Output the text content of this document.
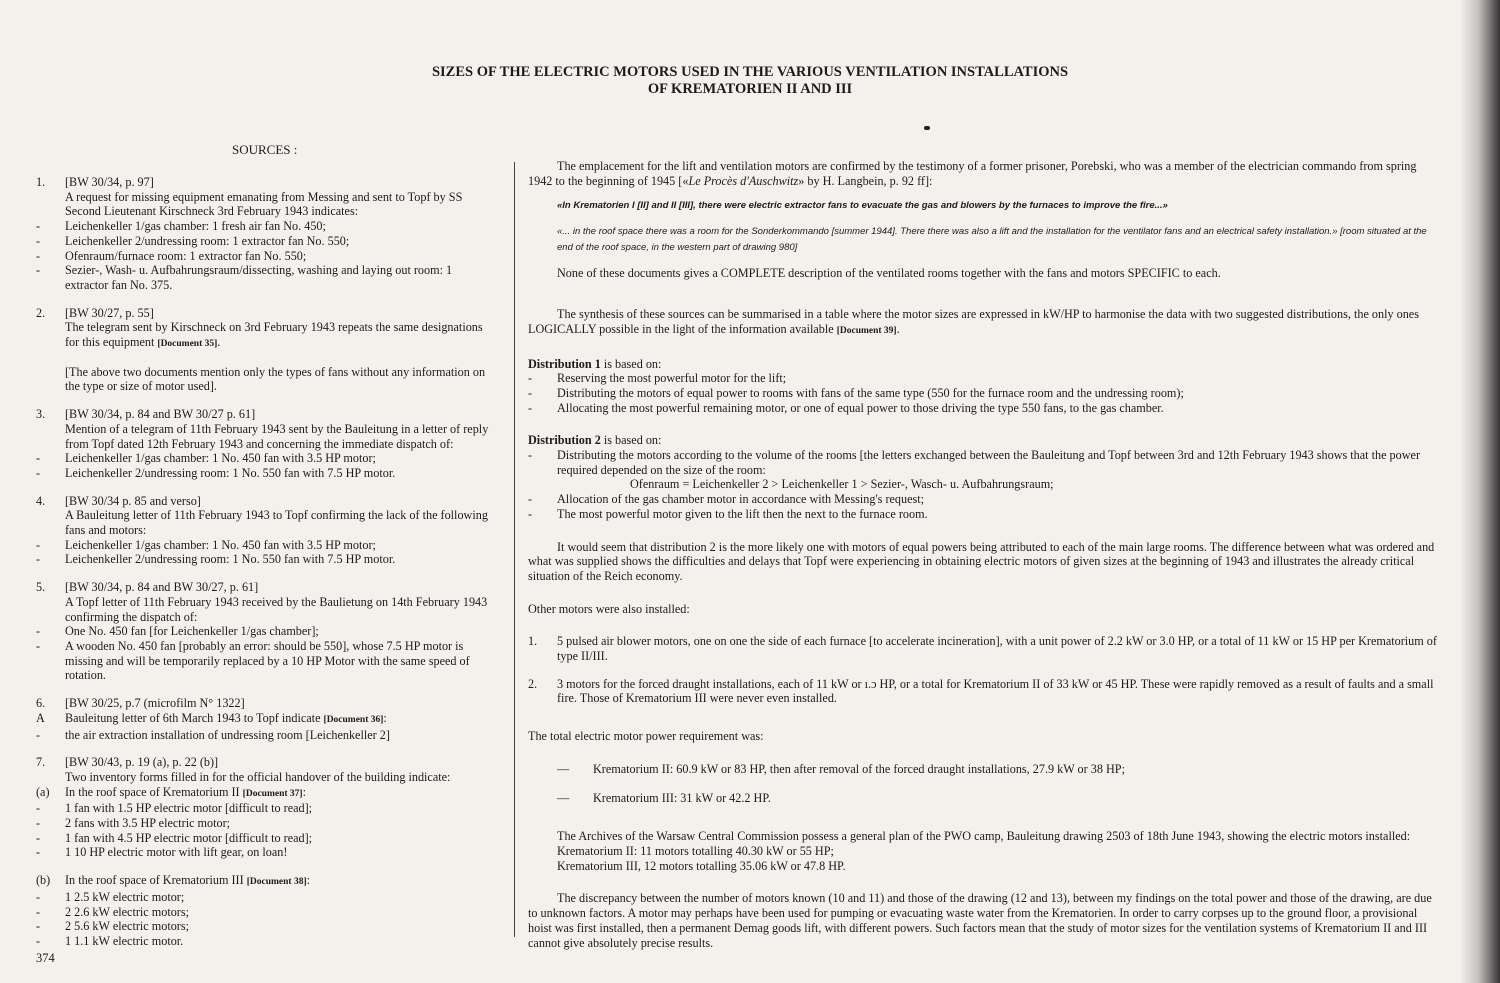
SIZES OF THE ELECTRIC MOTORS USED IN THE VARIOUS VENTILATION INSTALLATIONS OF KREMATORIEN II AND III
SOURCES :
1.	[BW 30/34, p. 97]
A request for missing equipment emanating from Messing and sent to Topf by SS Second Lieutenant Kirschneck 3rd February 1943 indicates:
-	Leichenkeller 1/gas chamber: 1 fresh air fan No. 450;
-	Leichenkeller 2/undressing room: 1 extractor fan No. 550;
-	Ofenraum/furnace room: 1 extractor fan No. 550;
-	Sezier-, Wash- u. Aufbahrungsraum/dissecting, washing and laying out room: 1 extractor fan No. 375.
2.	[BW 30/27, p. 55]
The telegram sent by Kirschneck on 3rd February 1943 repeats the same designations for this equipment [Document 35].
[The above two documents mention only the types of fans without any information on the type or size of motor used].
3.	[BW 30/34, p. 84 and BW 30/27 p. 61]
Mention of a telegram of 11th February 1943 sent by the Bauleitung in a letter of reply from Topf dated 12th February 1943 and concerning the immediate dispatch of:
-	Leichenkeller 1/gas chamber: 1 No. 450 fan with 3.5 HP motor;
-	Leichenkeller 2/undressing room: 1 No. 550 fan with 7.5 HP motor.
4.	[BW 30/34 p. 85 and verso]
A Bauleitung letter of 11th February 1943 to Topf confirming the lack of the following fans and motors:
-	Leichenkeller 1/gas chamber: 1 No. 450 fan with 3.5 HP motor;
-	Leichenkeller 2/undressing room: 1 No. 550 fan with 7.5 HP motor.
5.	[BW 30/34, p. 84 and BW 30/27, p. 61]
A Topf letter of 11th February 1943 received by the Baulietung on 14th February 1943 confirming the dispatch of:
-	One No. 450 fan [for Leichenkeller 1/gas chamber];
-	A wooden No. 450 fan [probably an error: should be 550], whose 7.5 HP motor is missing and will be temporarily replaced by a 10 HP Motor with the same speed of rotation.
6.	[BW 30/25, p.7 (microfilm N° 1322]
A	Bauleitung letter of 6th March 1943 to Topf indicate [Document 36]:
-	the air extraction installation of undressing room [Leichenkeller 2]
7.	[BW 30/43, p. 19 (a), p. 22 (b)]
Two inventory forms filled in for the official handover of the building indicate:
(a)	In the roof space of Krematorium II [Document 37]:
-	1 fan with 1.5 HP electric motor [difficult to read];
-	2 fans with 3.5 HP electric motor;
-	1 fan with 4.5 HP electric motor [difficult to read];
-	1 10 HP electric motor with lift gear, on loan!
(b)	In the roof space of Krematorium III [Document 38]:
-	1 2.5 kW electric motor;
-	2 2.6 kW electric motors;
-	2 5.6 kW electric motors;
-	1 1.1 kW electric motor.

The emplacement for the lift and ventilation motors are confirmed by the testimony of a former prisoner, Porebski, who was a member of the electrician commando from spring 1942 to the beginning of 1945 [«Le Procès d'Auschwitz» by H. Langbein, p. 92 ff]:

«In Krematorien I [II] and II [III], there were electric extractor fans to evacuate the gas and blowers by the furnaces to improve the fire...»
«... in the roof space there was a room for the Sonderkommando [summer 1944]. There there was also a lift and the installation for the ventilator fans and an electrical safety installation.» [room situated at the end of the roof space, in the western part of drawing 980]

None of these documents gives a COMPLETE description of the ventilated rooms together with the fans and motors SPECIFIC to each.

The synthesis of these sources can be summarised in a table where the motor sizes are expressed in kW/HP to harmonise the data with two suggested distributions, the only ones LOGICALLY possible in the light of the information available [Document 39].

Distribution 1 is based on:

-	Reserving the most powerful motor for the lift;
-	Distributing the motors of equal power to rooms with fans of the same type (550 for the furnace room and the undressing room);
-	Allocating the most powerful remaining motor, or one of equal power to those driving the type 550 fans, to the gas chamber.

Distribution 2 is based on:

-	Distributing the motors according to the volume of the rooms [the letters exchanged between the Bauleitung and Topf between 3rd and 12th February 1943 shows that the power required depended on the size of the room:
Ofenraum = Leichenkeller 2 > Leichenkeller 1 > Sezier-, Wasch- u. Aufbahrungsraum;
-	Allocation of the gas chamber motor in accordance with Messing's request;
-	The most powerful motor given to the lift then the next to the furnace room.

It would seem that distribution 2 is the more likely one with motors of equal powers being attributed to each of the main large rooms. The difference between what was ordered and what was supplied shows the difficulties and delays that Topf were experiencing in obtaining electric motors of given sizes at the beginning of 1943 and illustrates the already critical situation of the Reich economy.

Other motors were also installed:

1.	5 pulsed air blower motors, one on one the side of each furnace [to accelerate incineration], with a unit power of 2.2 kW or 3.0 HP, or a total of 11 kW or 15 HP per Krematorium of type II/III.
2.	3 motors for the forced draught installations, each of 11 kW or ı.ɔ HP, or a total for Krematorium II of 33 kW or 45 HP. These were rapidly removed as a result of faults and a small fire. Those of Krematorium III were never even installed.

The total electric motor power requirement was:

—	Krematorium II: 60.9 kW or 83 HP, then after removal of the forced draught installations, 27.9 kW or 38 HP;
—	Krematorium III: 31 kW or 42.2 HP.

The Archives of the Warsaw Central Commission possess a general plan of the PWO camp, Bauleitung drawing 2503 of 18th June 1943, showing the electric motors installed:

Krematorium II: 11 motors totalling 40.30 kW or 55 HP;

Krematorium III, 12 motors totalling 35.06 kW or 47.8 HP.

The discrepancy between the number of motors known (10 and 11) and those of the drawing (12 and 13), between my findings on the total power and those of the drawing, are due to unknown factors. A motor may perhaps have been used for pumping or evacuating waste water from the Krematorien. In order to carry corpses up to the ground floor, a provisional hoist was first installed, then a permanent Demag goods lift, with different powers. Such factors mean that the study of motor sizes for the ventilation systems of Krematorium II and III cannot give absolutely precise results.

374
